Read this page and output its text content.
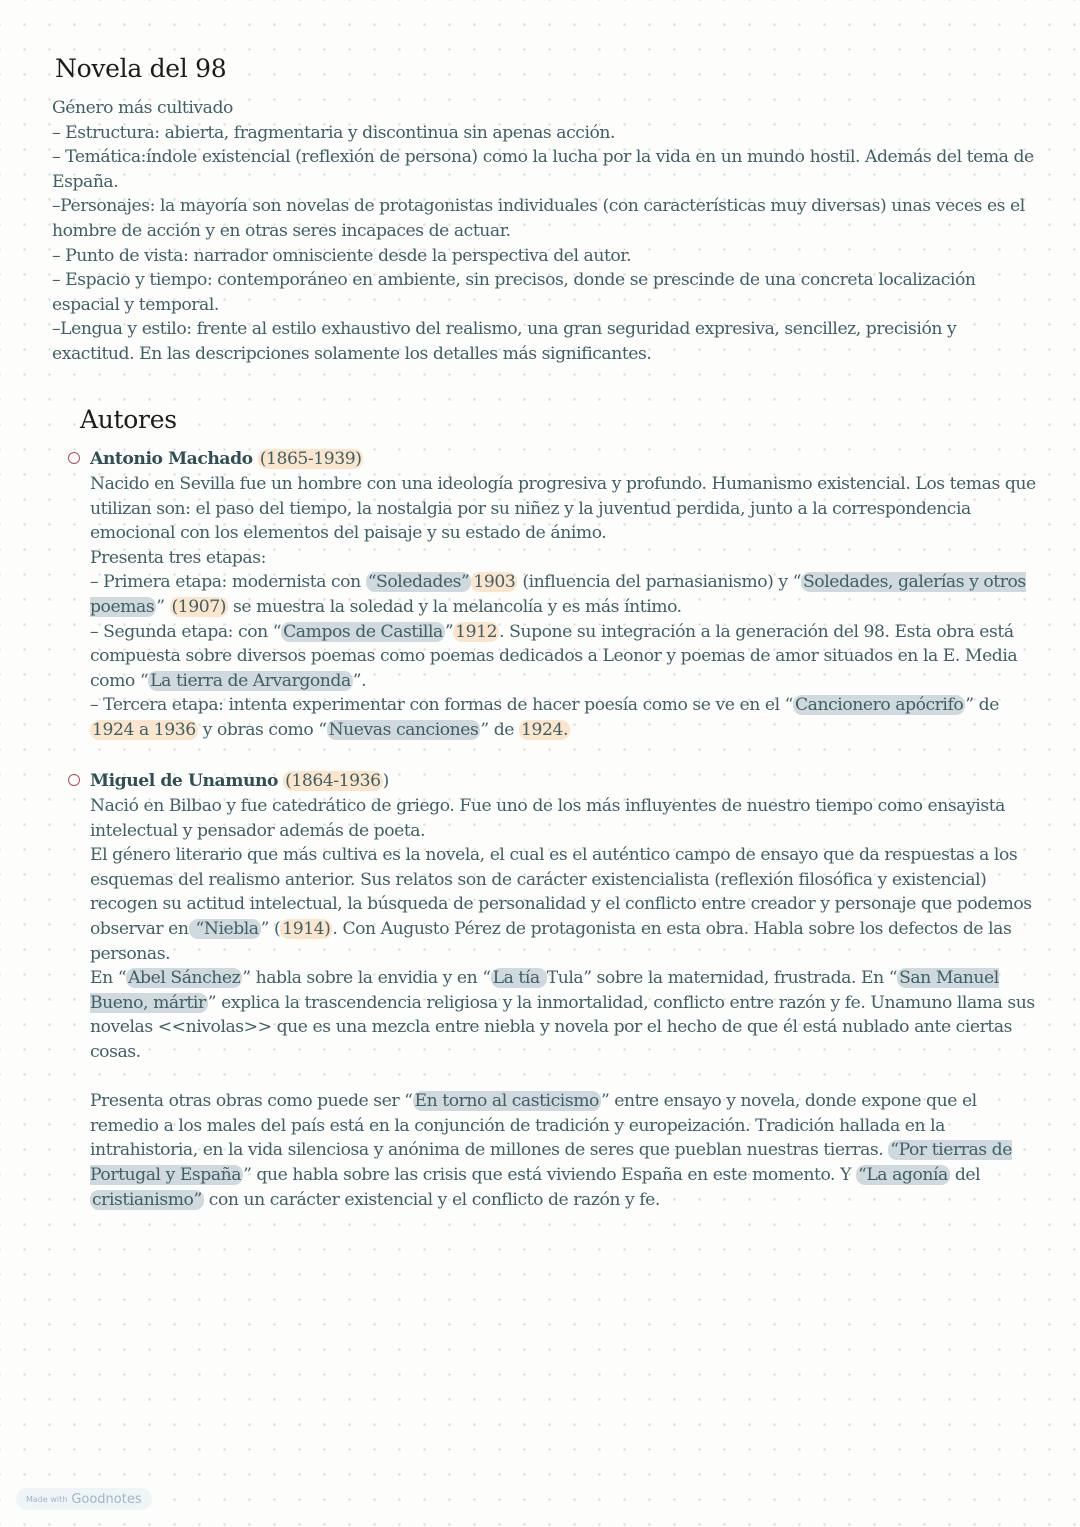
Novela del 98

Género más cultivado

– Estructura: abierta, fragmentaria y discontinua sin apenas acción.

– Temática:índole existencial (reflexión de persona) como la lucha por la vida en un mundo hostil. Además del tema de España.

–Personajes: la mayoría son novelas de protagonistas individuales (con características muy diversas) unas veces es el hombre de acción y en otras seres incapaces de actuar.

– Punto de vista: narrador omnisciente desde la perspectiva del autor.

– Espacio y tiempo: contemporáneo en ambiente, sin precisos, donde se prescinde de una concreta localización espacial y temporal.

–Lengua y estilo: frente al estilo exhaustivo del realismo, una gran seguridad expresiva, sencillez, precisión y exactitud. En las descripciones solamente los detalles más significantes.

Autores
Antonio Machado (1865-1939)

Nacido en Sevilla fue un hombre con una ideología progresiva y profundo. Humanismo existencial. Los temas que utilizan son: el paso del tiempo, la nostalgia por su niñez y la juventud perdida, junto a la correspondencia emocional con los elementos del paisaje y su estado de ánimo.

Presenta tres etapas:

– Primera etapa: modernista con “Soledades” 1903 (influencia del parnasianismo) y “ Soledades, galerías y otros poemas ” (1907) se muestra la soledad y la melancolía y es más íntimo.

– Segunda etapa: con “ Campos de Castilla ” 1912 . Supone su integración a la generación del 98. Esta obra está compuesta sobre diversos poemas como poemas dedicados a Leonor y poemas de amor situados en la E. Media como “ La tierra de Arvargonda ”.

– Tercera etapa: intenta experimentar con formas de hacer poesía como se ve en el “ Cancionero apócrifo ” de 1924 a 1936 y obras como “ Nuevas canciones ” de 1924.

Miguel de Unamuno (1864-1936 )

Nació en Bilbao y fue catedrático de griego. Fue uno de los más influyentes de nuestro tiempo como ensayista intelectual y pensador además de poeta.

El género literario que más cultiva es la novela, el cual es el auténtico campo de ensayo que da respuestas a los esquemas del realismo anterior. Sus relatos son de carácter existencialista (reflexión filosófica y existencial) recogen su actitud intelectual, la búsqueda de personalidad y el conflicto entre creador y personaje que podemos observar en “Niebla ” ( 1914) . Con Augusto Pérez de protagonista en esta obra. Habla sobre los defectos de las personas.

En “ Abel Sánchez ” habla sobre la envidia y en “ La tía Tula” sobre la maternidad, frustrada. En “ San Manuel Bueno, mártir ” explica la trascendencia religiosa y la inmortalidad, conflicto entre razón y fe. Unamuno llama sus novelas <<nivolas>> que es una mezcla entre niebla y novela por el hecho de que él está nublado ante ciertas cosas.

Presenta otras obras como puede ser “ En torno al casticismo ” entre ensayo y novela, donde expone que el remedio a los males del país está en la conjunción de tradición y europeización. Tradición hallada en la intrahistoria, en la vida silenciosa y anónima de millones de seres que pueblan nuestras tierras. “Por tierras de Portugal y España ” que habla sobre las crisis que está viviendo España en este momento. Y “La agonía del cristianismo” con un carácter existencial y el conflicto de razón y fe.

Made with Goodnotes
